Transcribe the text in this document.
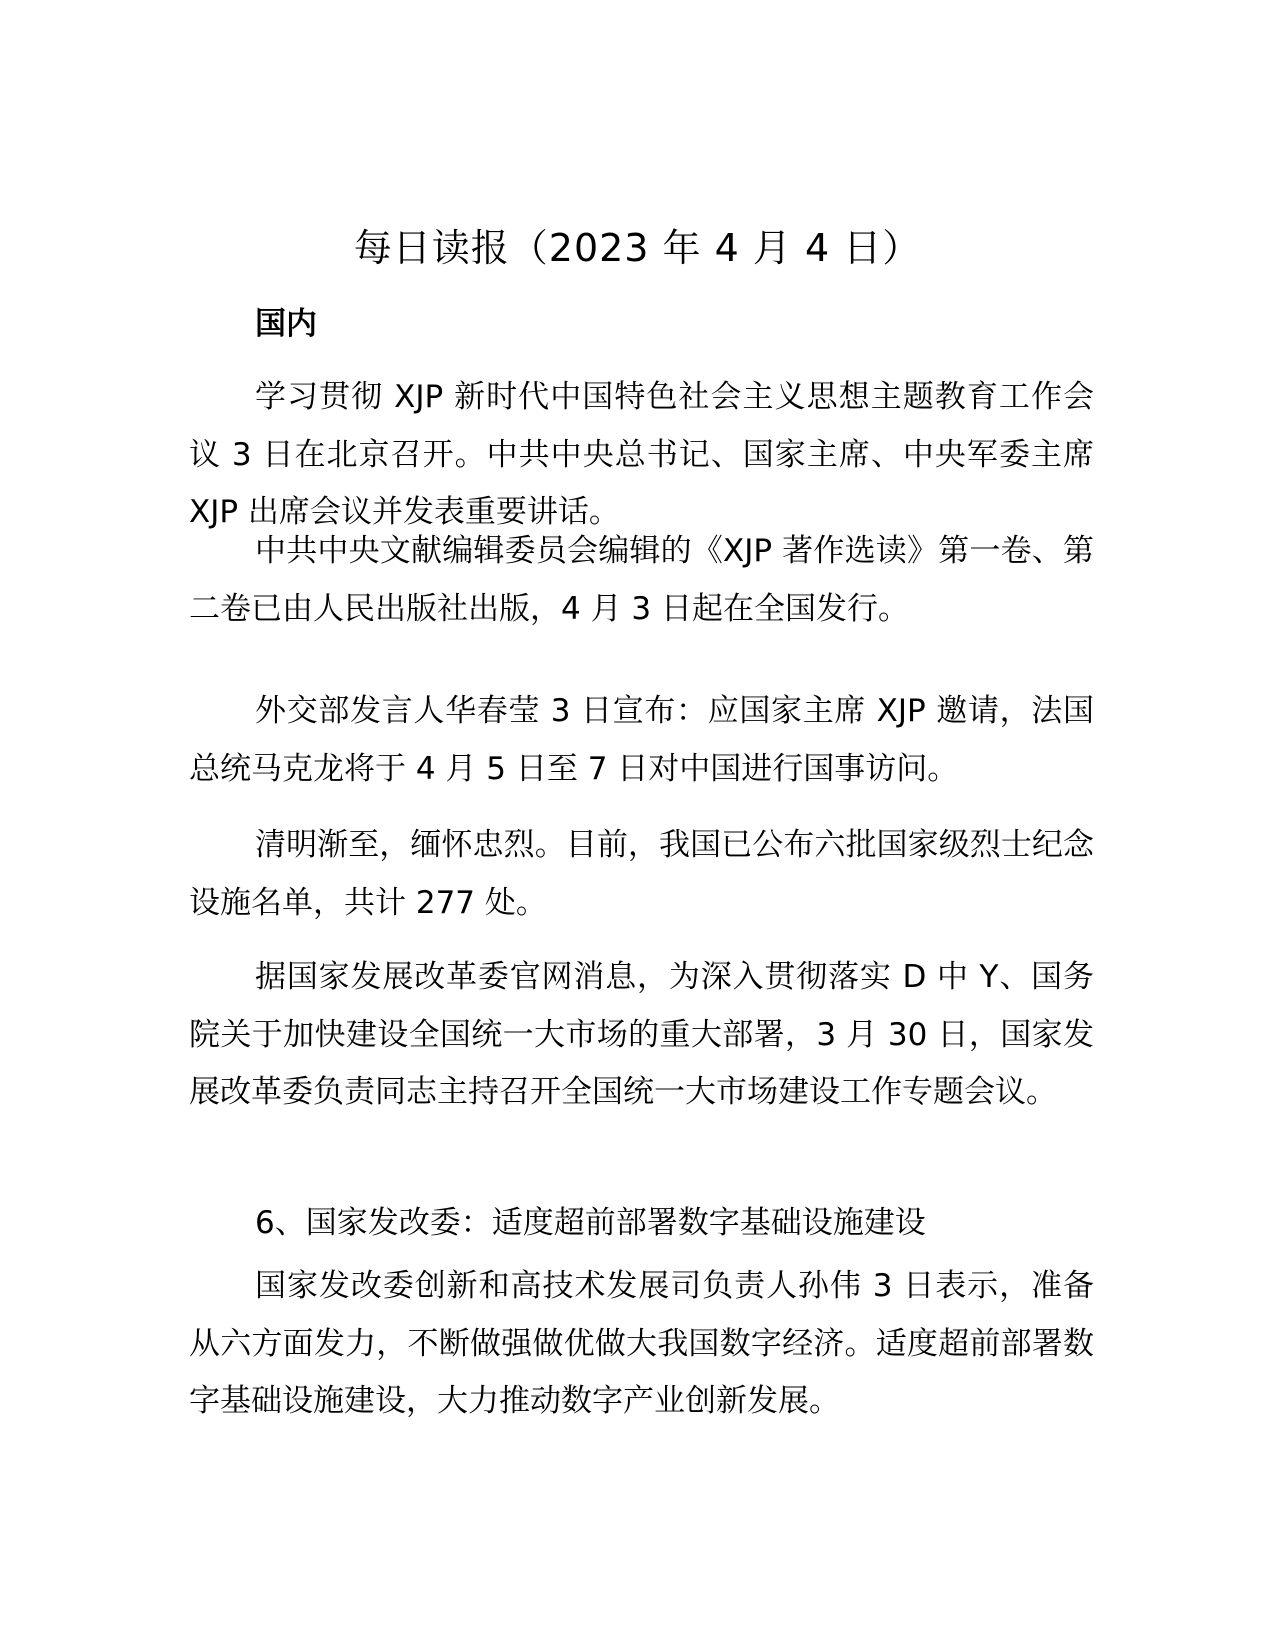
每日读报（2023 年 4 月 4 日）

国内

学习贯彻 XJP 新时代中国特色社会主义思想主题教育工作会议 3 日在北京召开。中共中央总书记、国家主席、中央军委主席 XJP 出席会议并发表重要讲话。

中共中央文献编辑委员会编辑的《XJP 著作选读》第一卷、第二卷已由人民出版社出版，4 月 3 日起在全国发行。

外交部发言人华春莹 3 日宣布：应国家主席 XJP 邀请，法国总统马克龙将于 4 月 5 日至 7 日对中国进行国事访问。

清明渐至，缅怀忠烈。目前，我国已公布六批国家级烈士纪念设施名单，共计 277 处。

据国家发展改革委官网消息，为深入贯彻落实 D 中 Y、国务院关于加快建设全国统一大市场的重大部署，3 月 30 日，国家发展改革委负责同志主持召开全国统一大市场建设工作专题会议。

6、国家发改委：适度超前部署数字基础设施建设

国家发改委创新和高技术发展司负责人孙伟 3 日表示，准备从六方面发力，不断做强做优做大我国数字经济。适度超前部署数字基础设施建设，大力推动数字产业创新发展。
